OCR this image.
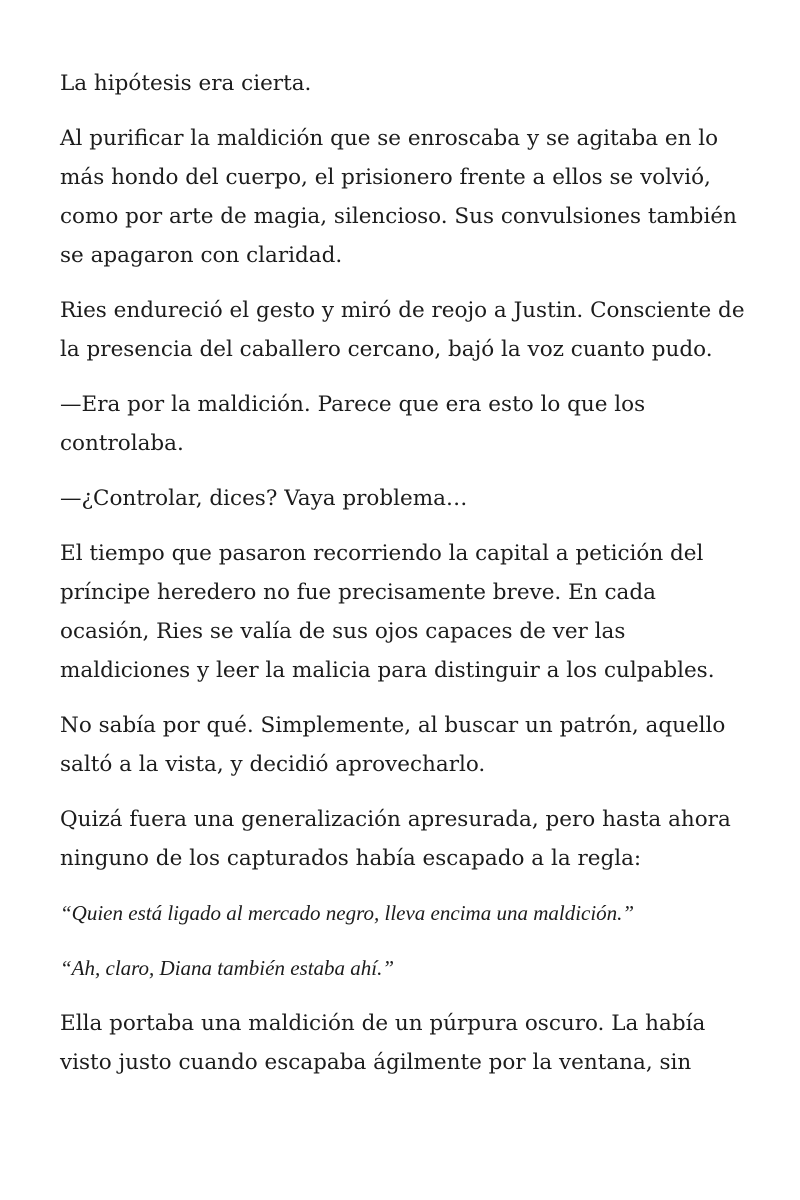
La hipótesis era cierta.

Al purificar la maldición que se enroscaba y se agitaba en lo más hondo del cuerpo, el prisionero frente a ellos se volvió, como por arte de magia, silencioso. Sus convulsiones también se apagaron con claridad.

Ries endureció el gesto y miró de reojo a Justin. Consciente de la presencia del caballero cercano, bajó la voz cuanto pudo.

—Era por la maldición. Parece que era esto lo que los controlaba.

—¿Controlar, dices? Vaya problema…

El tiempo que pasaron recorriendo la capital a petición del príncipe heredero no fue precisamente breve. En cada ocasión, Ries se valía de sus ojos capaces de ver las maldiciones y leer la malicia para distinguir a los culpables.

No sabía por qué. Simplemente, al buscar un patrón, aquello saltó a la vista, y decidió aprovecharlo.

Quizá fuera una generalización apresurada, pero hasta ahora ninguno de los capturados había escapado a la regla:

“Quien está ligado al mercado negro, lleva encima una maldición.”

“Ah, claro, Diana también estaba ahí.”

Ella portaba una maldición de un púrpura oscuro. La había visto justo cuando escapaba ágilmente por la ventana, sin
